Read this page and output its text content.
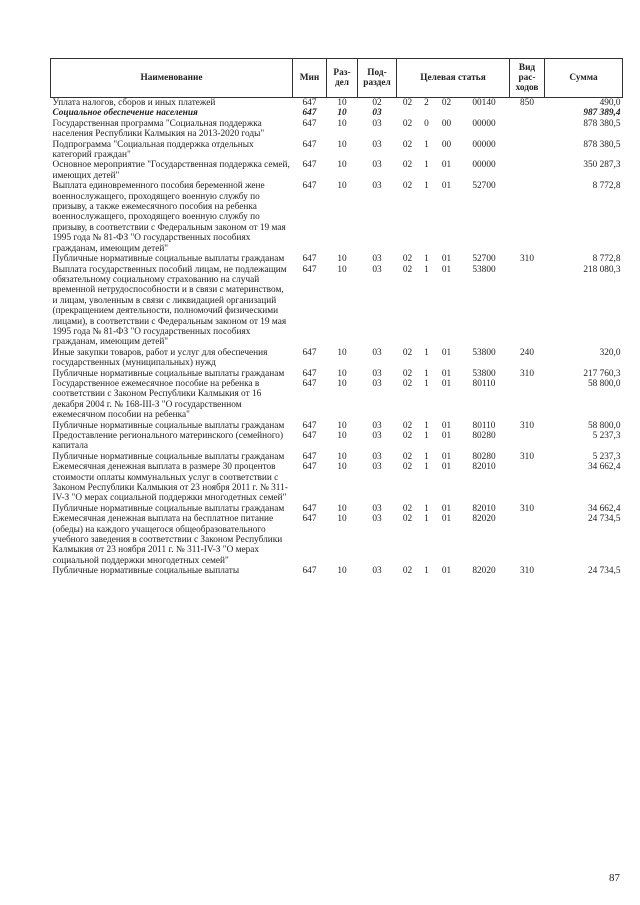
Наименование	Мин	Раз-дел	Под-раздел	Целевая статья				Вид рас-ходов	Сумма
Уплата налогов, сборов и иных платежей	647	10	02	02	2	02	00140	850	490,0
Социальное обеспечение населения	647	10	03						987 389,4
Государственная программа "Социальная поддержка населения Республики Калмыкия на 2013-2020 годы"	647	10	03	02	0	00	00000		878 380,5
Подпрограмма "Социальная поддержка отдельных категорий граждан"	647	10	03	02	1	00	00000		878 380,5
Основное мероприятие "Государственная поддержка семей, имеющих детей"	647	10	03	02	1	01	00000		350 287,3
Выплата единовременного пособия беременной жене военнослужащего, проходящего военную службу по призыву, а также ежемесячного пособия на ребенка военнослужащего, проходящего военную службу по призыву, в соответствии с Федеральным законом от 19 мая 1995 года № 81-ФЗ "О государственных пособиях гражданам, имеющим детей"	647	10	03	02	1	01	52700		8 772,8
Публичные нормативные социальные выплаты гражданам	647	10	03	02	1	01	52700	310	8 772,8
Выплата государственных пособий лицам, не подлежащим обязательному социальному страхованию на случай временной нетрудоспособности и в связи с материнством, и лицам, уволенным в связи с ликвидацией организаций (прекращением деятельности, полномочий физическими лицами), в соответствии с Федеральным законом от 19 мая 1995 года № 81-ФЗ "О государственных пособиях гражданам, имеющим детей"	647	10	03	02	1	01	53800		218 080,3
Иные закупки товаров, работ и услуг для обеспечения государственных (муниципальных) нужд	647	10	03	02	1	01	53800	240	320,0
Публичные нормативные социальные выплаты гражданам	647	10	03	02	1	01	53800	310	217 760,3
Государственное ежемесячное пособие на ребенка в соответствии с Законом Республики Калмыкия от 16 декабря 2004 г. № 168-III-З "О государственном ежемесячном пособии на ребенка"	647	10	03	02	1	01	80110		58 800,0
Публичные нормативные социальные выплаты гражданам	647	10	03	02	1	01	80110	310	58 800,0
Предоставление регионального материнского (семейного) капитала	647	10	03	02	1	01	80280		5 237,3
Публичные нормативные социальные выплаты гражданам	647	10	03	02	1	01	80280	310	5 237,3
Ежемесячная денежная выплата в размере 30 процентов стоимости оплаты коммунальных услуг в соответствии с Законом Республики Калмыкия от 23 ноября 2011 г. № 311-IV-З "О мерах социальной поддержки многодетных семей"	647	10	03	02	1	01	82010		34 662,4
Публичные нормативные социальные выплаты гражданам	647	10	03	02	1	01	82010	310	34 662,4
Ежемесячная денежная выплата на бесплатное питание (обеды) на каждого учащегося общеобразовательного учебного заведения в соответствии с Законом Республики Калмыкия от 23 ноября 2011 г. № 311-IV-З "О мерах социальной поддержки многодетных семей"	647	10	03	02	1	01	82020		24 734,5
Публичные нормативные социальные выплаты	647	10	03	02	1	01	82020	310	24 734,5
87
